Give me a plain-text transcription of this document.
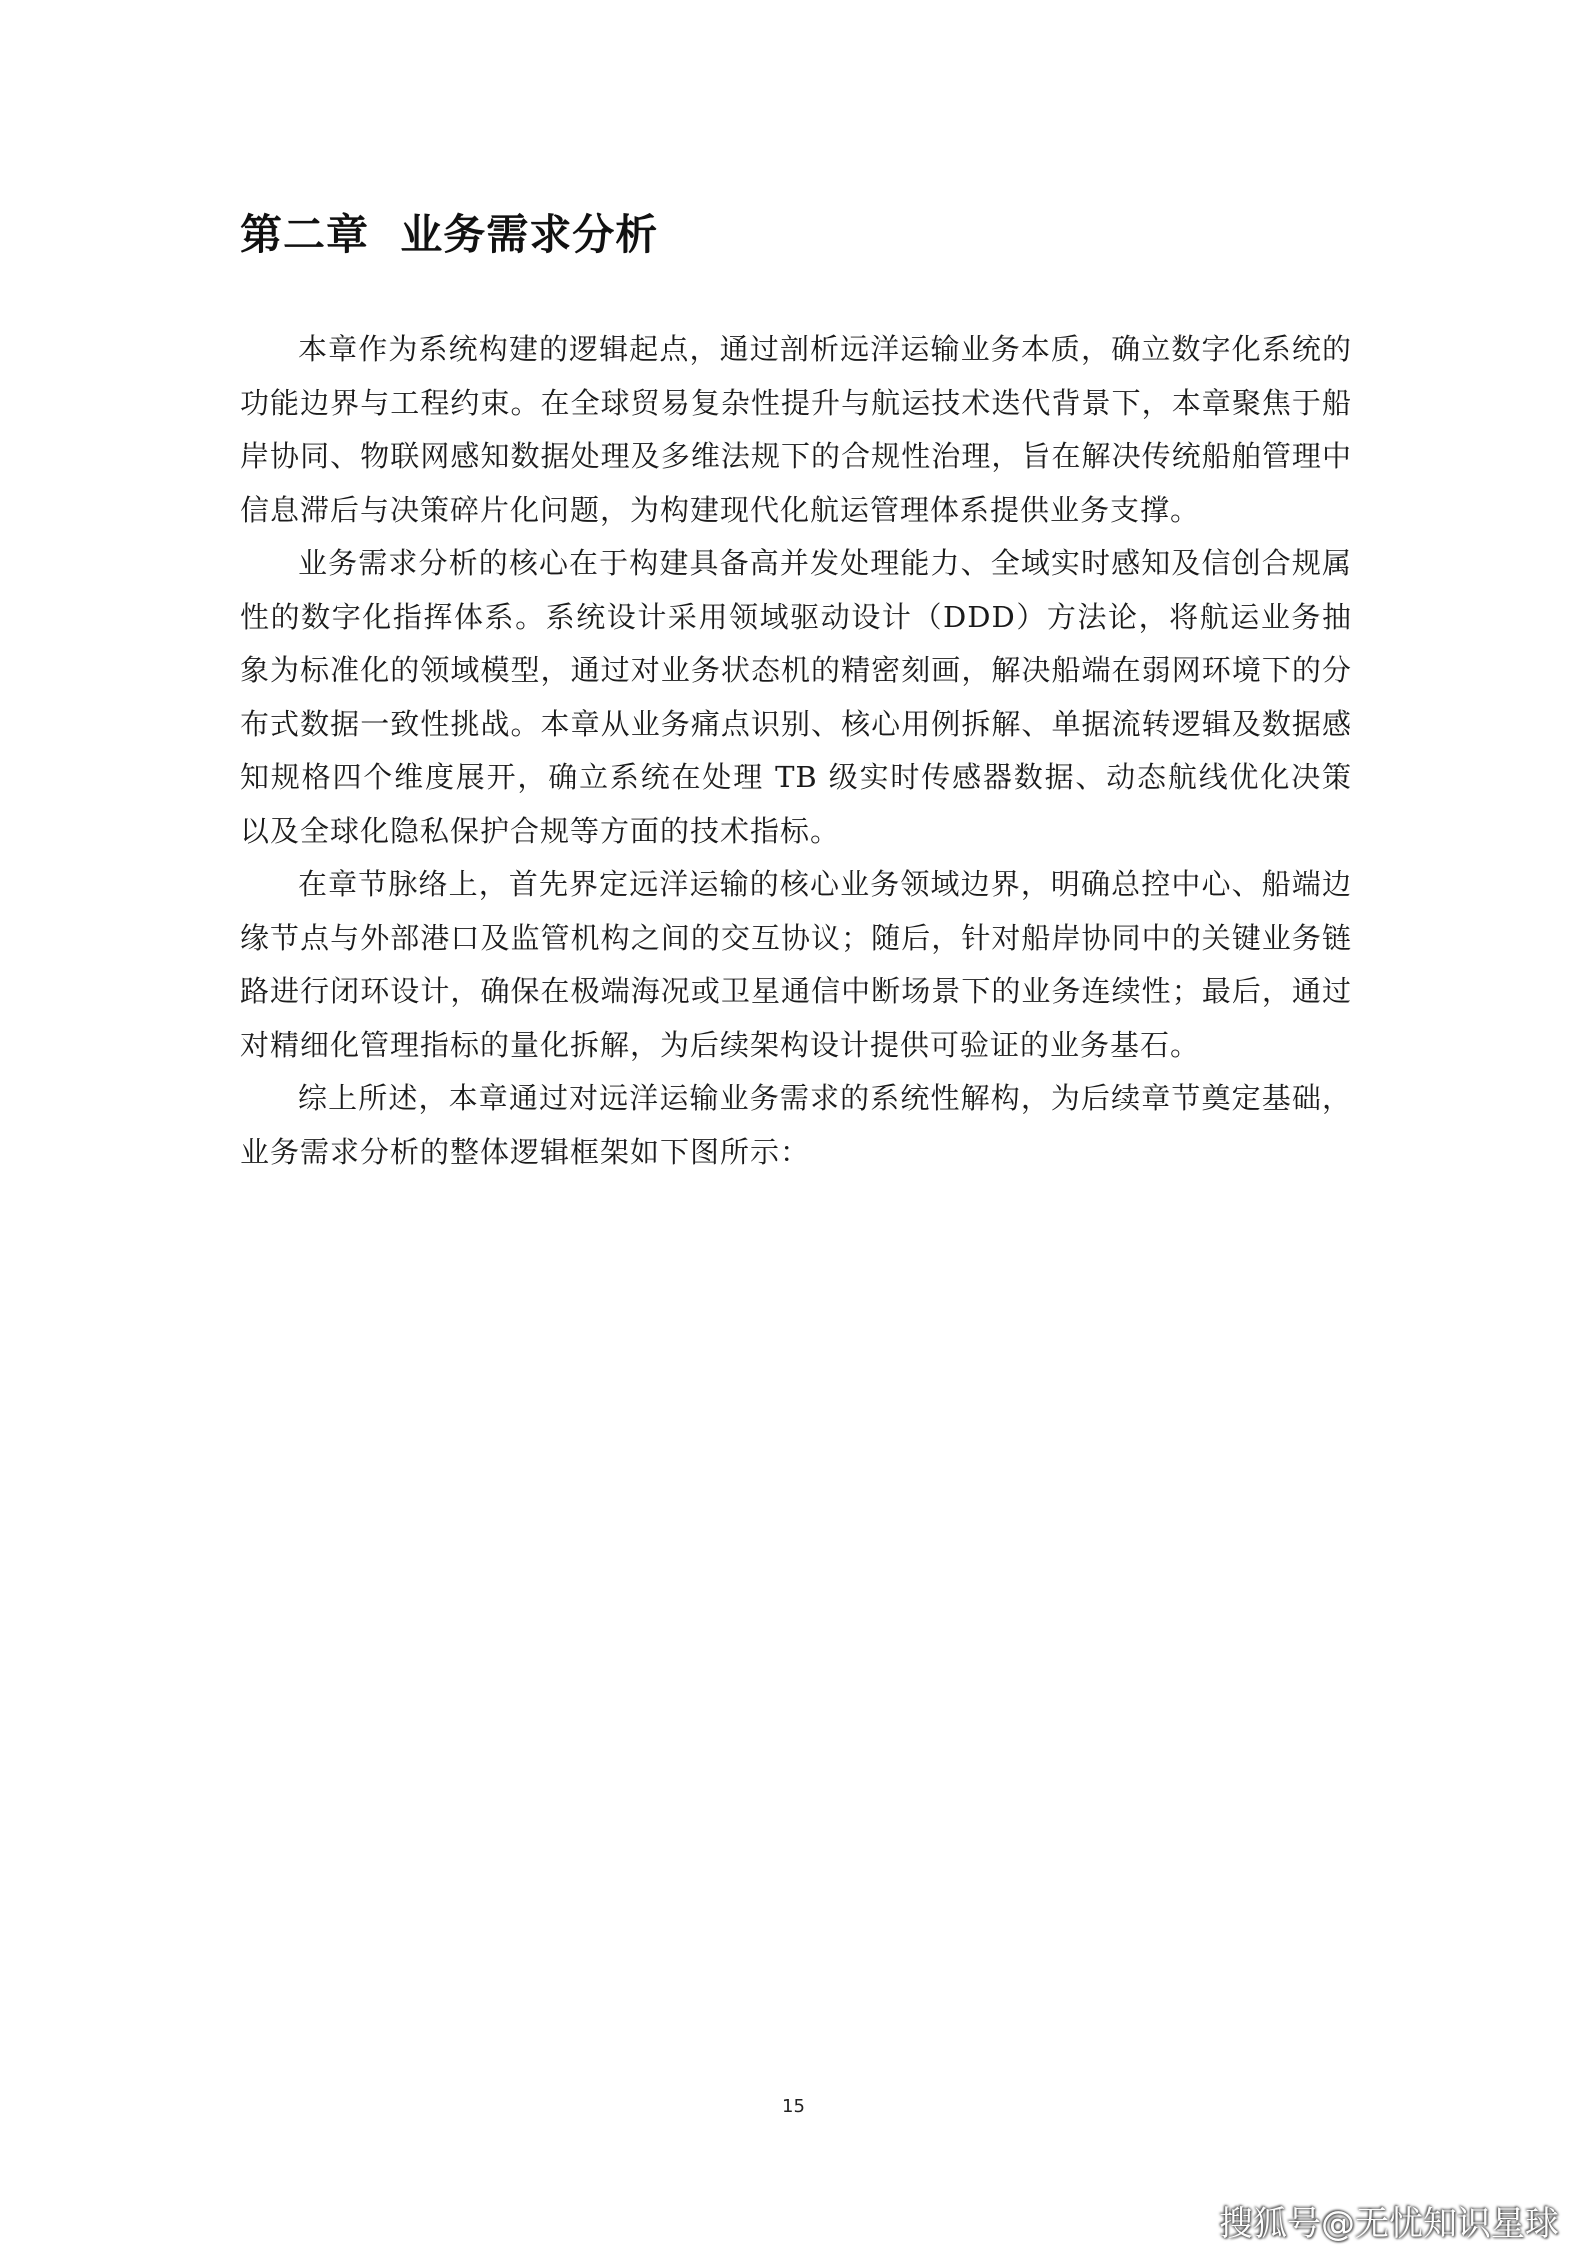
第二章  业务需求分析

本章作为系统构建的逻辑起点，通过剖析远洋运输业务本质，确立数字化系统的功能边界与工程约束。在全球贸易复杂性提升与航运技术迭代背景下，本章聚焦于船岸协同、物联网感知数据处理及多维法规下的合规性治理，旨在解决传统船舶管理中信息滞后与决策碎片化问题，为构建现代化航运管理体系提供业务支撑。

业务需求分析的核心在于构建具备高并发处理能力、全域实时感知及信创合规属性的数字化指挥体系。系统设计采用领域驱动设计（DDD）方法论，将航运业务抽象为标准化的领域模型，通过对业务状态机的精密刻画，解决船端在弱网环境下的分布式数据一致性挑战。本章从业务痛点识别、核心用例拆解、单据流转逻辑及数据感知规格四个维度展开，确立系统在处理 TB 级实时传感器数据、动态航线优化决策以及全球化隐私保护合规等方面的技术指标。

在章节脉络上，首先界定远洋运输的核心业务领域边界，明确总控中心、船端边缘节点与外部港口及监管机构之间的交互协议；随后，针对船岸协同中的关键业务链路进行闭环设计，确保在极端海况或卫星通信中断场景下的业务连续性；最后，通过对精细化管理指标的量化拆解，为后续架构设计提供可验证的业务基石。

综上所述，本章通过对远洋运输业务需求的系统性解构，为后续章节奠定基础，业务需求分析的整体逻辑框架如下图所示：

15
搜狐号@无忧知识星球
